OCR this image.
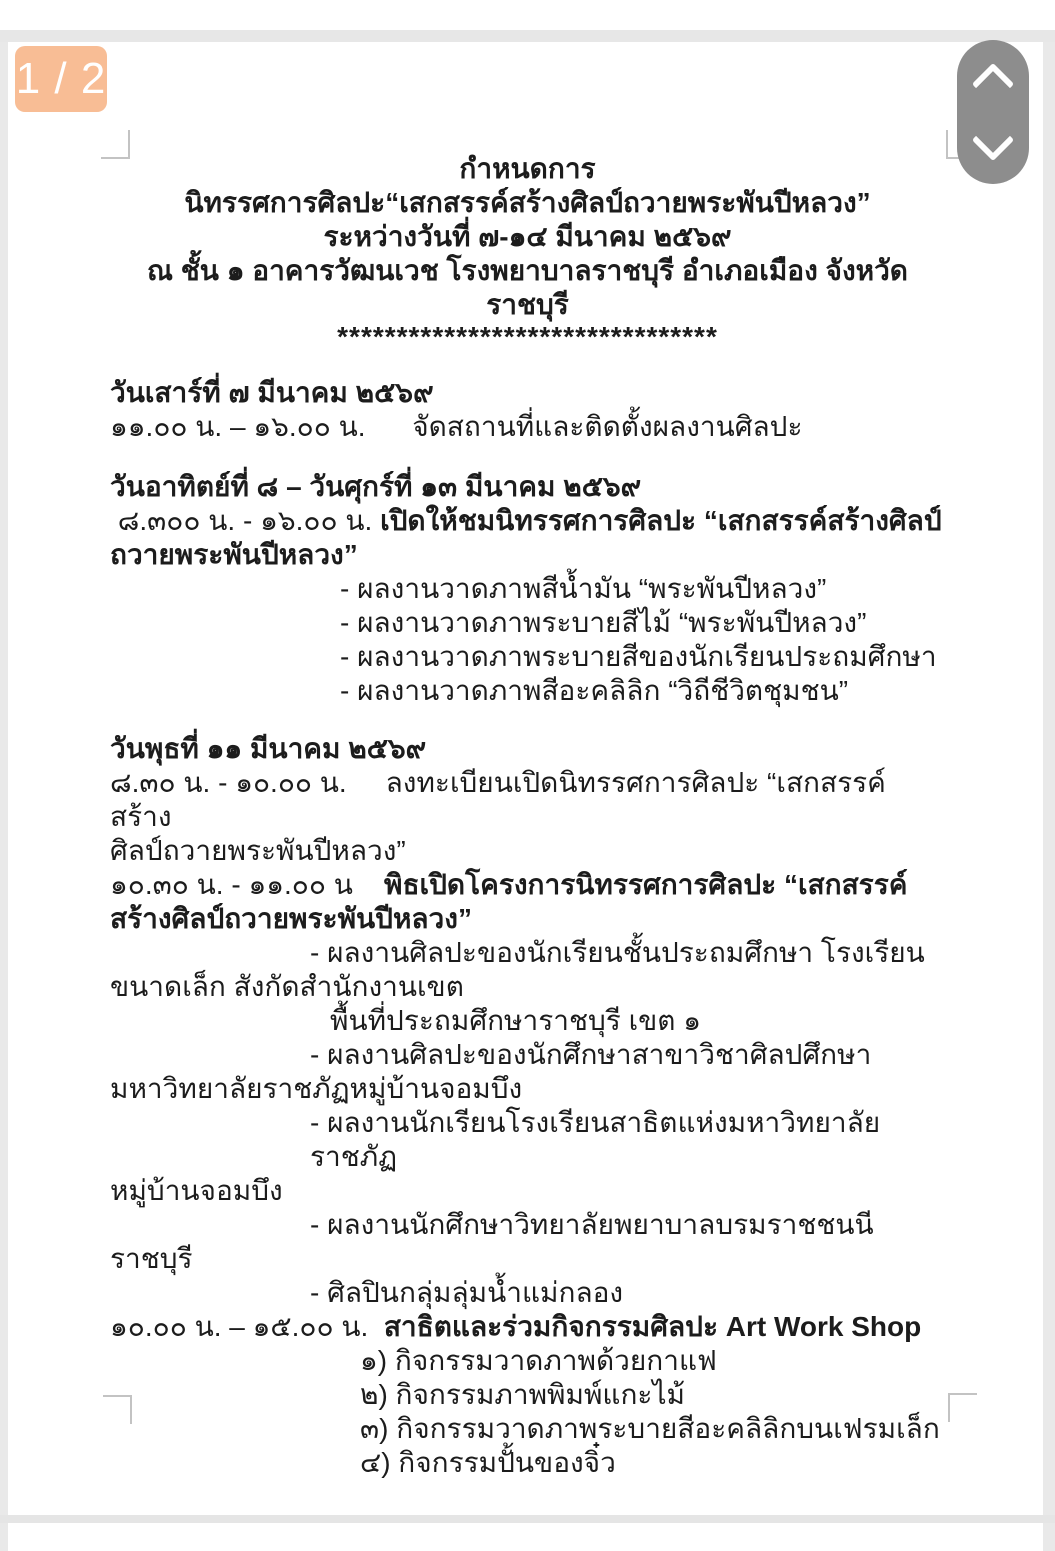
กำหนดการ

นิทรรศการศิลปะ“เสกสรรค์สร้างศิลป์ถวายพระพันปีหลวง”

ระหว่างวันที่ ๗-๑๔ มีนาคม ๒๕๖๙

ณ ชั้น ๑ อาคารวัฒนเวช โรงพยาบาลราชบุรี อำเภอเมือง จังหวัดราชบุรี

********************************

วันเสาร์ที่ ๗ มีนาคม ๒๕๖๙

๑๑.๐๐ น. – ๑๖.๐๐ น.      จัดสถานที่และติดตั้งผลงานศิลปะ

วันอาทิตย์ที่ ๘ – วันศุกร์ที่ ๑๓ มีนาคม ๒๕๖๙

๘.๓๐๐ น. - ๑๖.๐๐ น. เปิดให้ชมนิทรรศการศิลปะ “เสกสรรค์สร้างศิลป์

ถวายพระพันปีหลวง”

- ผลงานวาดภาพสีน้ำมัน “พระพันปีหลวง”

- ผลงานวาดภาพระบายสีไม้ “พระพันปีหลวง”

- ผลงานวาดภาพระบายสีของนักเรียนประถมศึกษา

- ผลงานวาดภาพสีอะคลิลิก “วิถีชีวิตชุมชน”

วันพุธที่ ๑๑ มีนาคม ๒๕๖๙

๘.๓๐ น. - ๑๐.๐๐ น.     ลงทะเบียนเปิดนิทรรศการศิลปะ “เสกสรรค์สร้าง

ศิลป์ถวายพระพันปีหลวง”

๑๐.๓๐ น. - ๑๑.๐๐ น    พิธเปิดโครงการนิทรรศการศิลปะ “เสกสรรค์

สร้างศิลป์ถวายพระพันปีหลวง”

- ผลงานศิลปะของนักเรียนชั้นประถมศึกษา โรงเรียน

ขนาดเล็ก สังกัดสำนักงานเขต

พื้นที่ประถมศึกษาราชบุรี เขต ๑

- ผลงานศิลปะของนักศึกษาสาขาวิชาศิลปศึกษา

มหาวิทยาลัยราชภัฏหมู่บ้านจอมบึง

- ผลงานนักเรียนโรงเรียนสาธิตแห่งมหาวิทยาลัยราชภัฏ

หมู่บ้านจอมบึง

- ผลงานนักศึกษาวิทยาลัยพยาบาลบรมราชชนนี

ราชบุรี

- ศิลปินกลุ่มลุ่มน้ำแม่กลอง

๑๐.๐๐ น. – ๑๕.๐๐ น.  สาธิตและร่วมกิจกรรมศิลปะ Art Work Shop

๑) กิจกรรมวาดภาพด้วยกาแฟ

๒) กิจกรรมภาพพิมพ์แกะไม้

๓) กิจกรรมวาดภาพระบายสีอะคลิลิกบนเฟรมเล็ก

๔) กิจกรรมปั้นของจิ๋ว

1 / 2
